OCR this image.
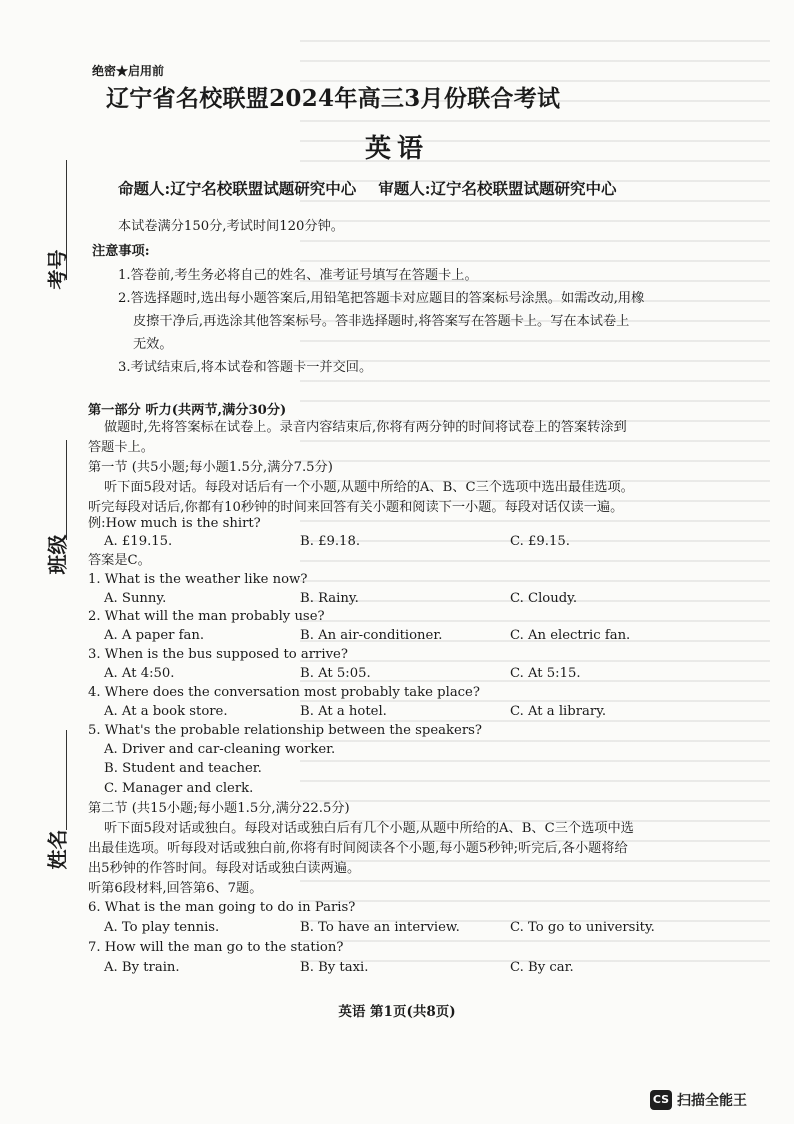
考号
班级
姓名
绝密★启用前
辽宁省名校联盟2024年高三3月份联合考试
英语
命题人:辽宁名校联盟试题研究中心 审题人:辽宁名校联盟试题研究中心
本试卷满分150分,考试时间120分钟。
注意事项:
1.答卷前,考生务必将自己的姓名、准考证号填写在答题卡上。
2.答选择题时,选出每小题答案后,用铅笔把答题卡对应题目的答案标号涂黑。如需改动,用橡
皮擦干净后,再选涂其他答案标号。答非选择题时,将答案写在答题卡上。写在本试卷上
无效。
3.考试结束后,将本试卷和答题卡一并交回。
第一部分 听力(共两节,满分30分)
做题时,先将答案标在试卷上。录音内容结束后,你将有两分钟的时间将试卷上的答案转涂到
答题卡上。
第一节 (共5小题;每小题1.5分,满分7.5分)
听下面5段对话。每段对话后有一个小题,从题中所给的A、B、C三个选项中选出最佳选项。
听完每段对话后,你都有10秒钟的时间来回答有关小题和阅读下一小题。每段对话仅读一遍。
例:How much is the shirt?
A. £19.15.	B. £9.18.	C. £9.15.
答案是C。
1. What is the weather like now?
A. Sunny.	B. Rainy.	C. Cloudy.
2. What will the man probably use?
A. A paper fan.	B. An air-conditioner.	C. An electric fan.
3. When is the bus supposed to arrive?
A. At 4:50.	B. At 5:05.	C. At 5:15.
4. Where does the conversation most probably take place?
A. At a book store.	B. At a hotel.	C. At a library.
5. What's the probable relationship between the speakers?
A. Driver and car-cleaning worker.
B. Student and teacher.
C. Manager and clerk.
第二节 (共15小题;每小题1.5分,满分22.5分)
听下面5段对话或独白。每段对话或独白后有几个小题,从题中所给的A、B、C三个选项中选
出最佳选项。听每段对话或独白前,你将有时间阅读各个小题,每小题5秒钟;听完后,各小题将给
出5秒钟的作答时间。每段对话或独白读两遍。
听第6段材料,回答第6、7题。
6. What is the man going to do in Paris?
A. To play tennis.	B. To have an interview.	C. To go to university.
7. How will the man go to the station?
A. By train.	B. By taxi.	C. By car.
英语 第1页(共8页)
CS 扫描全能王
